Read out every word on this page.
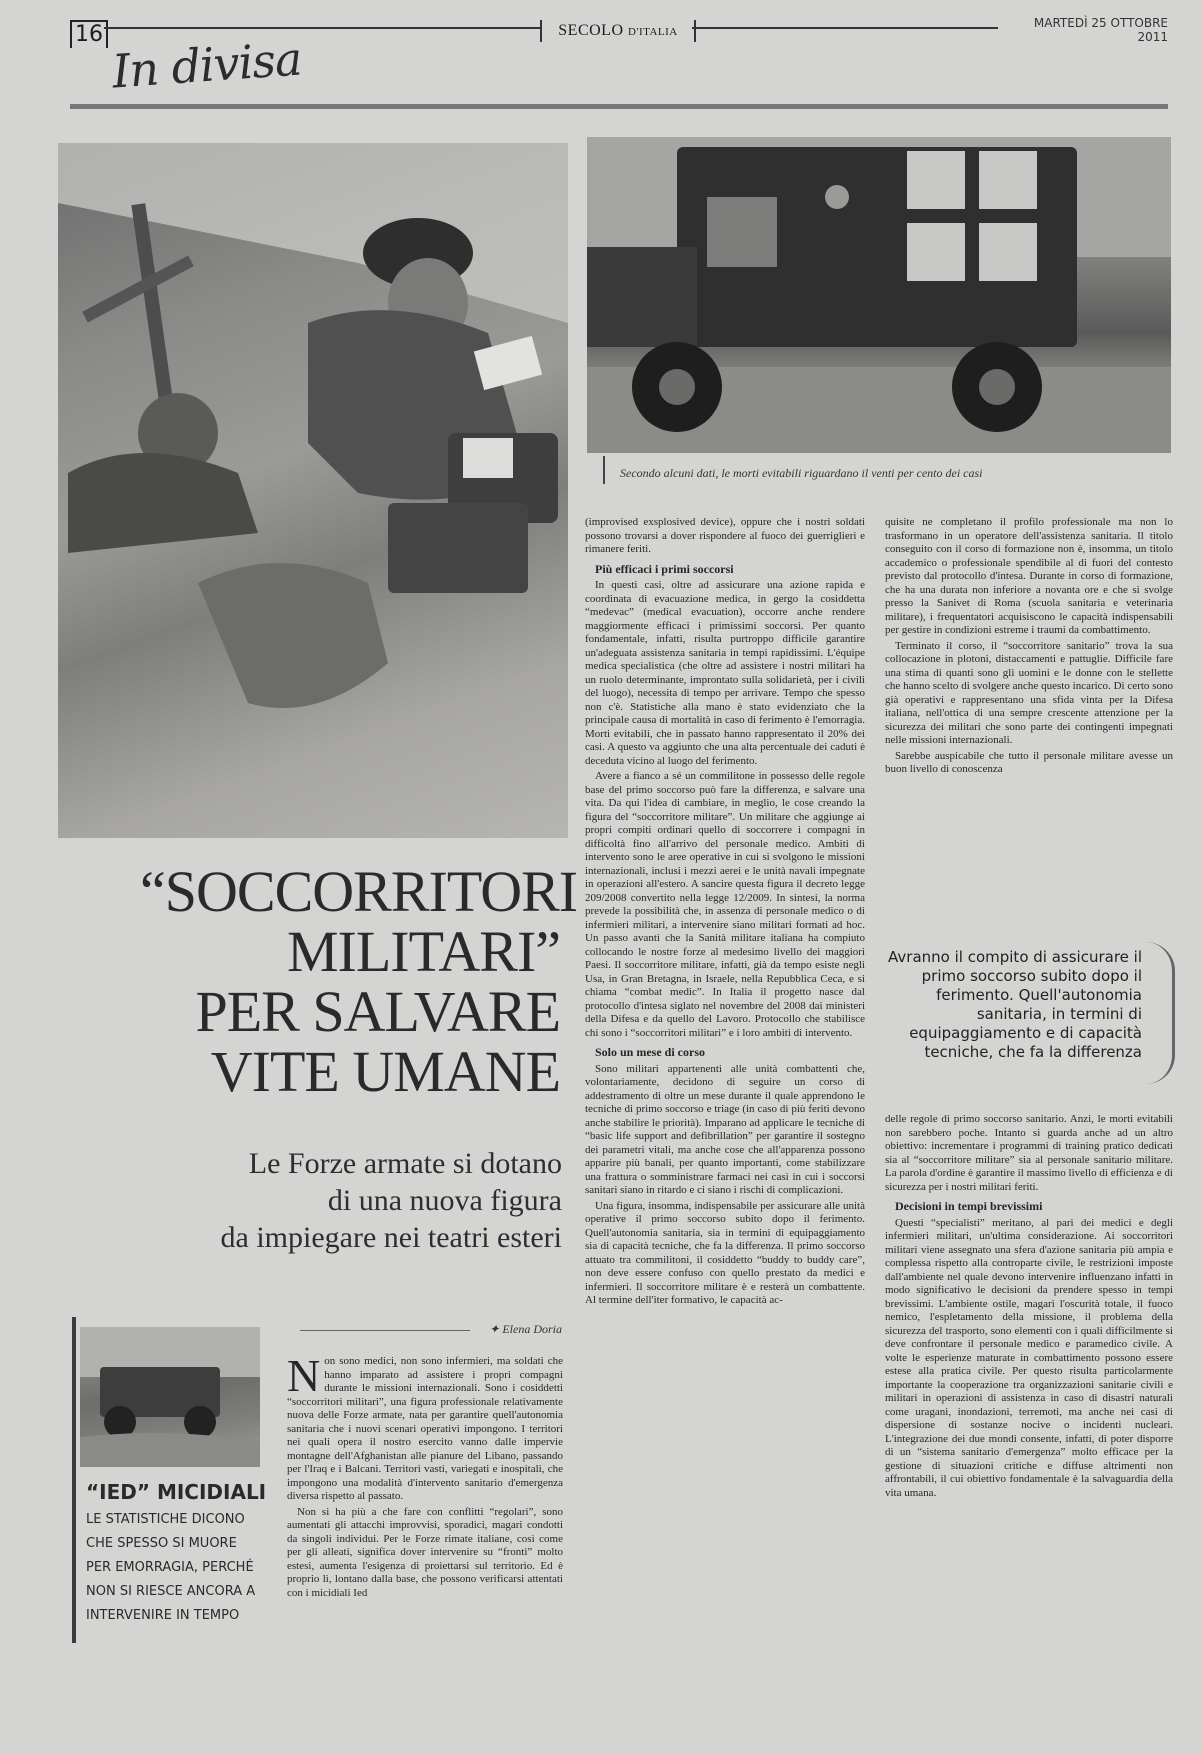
16	SECOLO D'ITALIA
MARTEDÌ 25 OTTOBRE 2011
In divisa
Secondo alcuni dati, le morti evitabili riguardano il venti per cento dei casi
“SOCCORRITORI
MILITARI”
PER SALVARE
VITE UMANE
Le Forze armate si dotano
di una nuova figura
da impiegare nei teatri esteri
✦ Elena Doria
“IED” MICIDIALI
LE STATISTICHE DICONO CHE SPESSO SI MUORE PER EMORRAGIA, PERCHÉ NON SI RIESCE ANCORA A INTERVENIRE IN TEMPO

Non sono medici, non sono infermieri, ma soldati che hanno imparato ad assistere i propri compagni durante le missioni internazionali. Sono i cosiddetti “soccorritori militari”, una figura professionale relativamente nuova delle Forze armate, nata per garantire quell'autonomia sanitaria che i nuovi scenari operativi impongono. I territori nei quali opera il nostro esercito vanno dalle impervie montagne dell'Afghanistan alle pianure del Libano, passando per l'Iraq e i Balcani. Territori vasti, variegati e inospitali, che impongono una modalità d'intervento sanitario d'emergenza diversa rispetto al passato.

Non si ha più a che fare con conflitti “regolari”, sono aumentati gli attacchi improvvisi, sporadici, magari condotti da singoli individui. Per le Forze rimate italiane, così come per gli alleati, significa dover intervenire su “fronti” molto estesi, aumenta l'esigenza di proiettarsi sul territorio. Ed è proprio lì, lontano dalla base, che possono verificarsi attentati con i micidiali Ied

(improvised exsplosived device), oppure che i nostri soldati possono trovarsi a dover rispondere al fuoco dei guerriglieri e rimanere feriti.

Più efficaci i primi soccorsi

In questi casi, oltre ad assicurare una azione rapida e coordinata di evacuazione medica, in gergo la cosiddetta “medevac” (medical evacuation), occorre anche rendere maggiormente efficaci i primissimi soccorsi. Per quanto fondamentale, infatti, risulta purtroppo difficile garantire un'adeguata assistenza sanitaria in tempi rapidissimi. L'équipe medica specialistica (che oltre ad assistere i nostri militari ha un ruolo determinante, improntato sulla solidarietà, per i civili del luogo), necessita di tempo per arrivare. Tempo che spesso non c'è. Statistiche alla mano è stato evidenziato che la principale causa di mortalità in caso di ferimento è l'emorragia. Morti evitabili, che in passato hanno rappresentato il 20% dei casi. A questo va aggiunto che una alta percentuale dei caduti è deceduta vicino al luogo del ferimento.

Avere a fianco a sé un commilitone in possesso delle regole base del primo soccorso può fare la differenza, e salvare una vita. Da qui l'idea di cambiare, in meglio, le cose creando la figura del “soccorritore militare”. Un militare che aggiunge ai propri compiti ordinari quello di soccorrere i compagni in difficoltà fino all'arrivo del personale medico. Ambiti di intervento sono le aree operative in cui si svolgono le missioni internazionali, inclusi i mezzi aerei e le unità navali impegnate in operazioni all'estero. A sancire questa figura il decreto legge 209/2008 convertito nella legge 12/2009. In sintesi, la norma prevede la possibilità che, in assenza di personale medico o di infermieri militari, a intervenire siano militari formati ad hoc. Un passo avanti che la Sanità militare italiana ha compiuto collocando le nostre forze al medesimo livello dei maggiori Paesi. Il soccorritore militare, infatti, già da tempo esiste negli Usa, in Gran Bretagna, in Israele, nella Repubblica Ceca, e si chiama “combat medic”. In Italia il progetto nasce dal protocollo d'intesa siglato nel novembre del 2008 dai ministeri della Difesa e da quello del Lavoro. Protocollo che stabilisce chi sono i “soccorritori militari” e i loro ambiti di intervento.

Solo un mese di corso

Sono militari appartenenti alle unità combattenti che, volontariamente, decidono di seguire un corso di addestramento di oltre un mese durante il quale apprendono le tecniche di primo soccorso e triage (in caso di più feriti devono anche stabilire le priorità). Imparano ad applicare le tecniche di “basic life support and defibrillation” per garantire il sostegno dei parametri vitali, ma anche cose che all'apparenza possono apparire più banali, per quanto importanti, come stabilizzare una frattura o somministrare farmaci nei casi in cui i soccorsi sanitari siano in ritardo e ci siano i rischi di complicazioni.

Una figura, insomma, indispensabile per assicurare alle unità operative il primo soccorso subito dopo il ferimento. Quell'autonomia sanitaria, sia in termini di equipaggiamento sia di capacità tecniche, che fa la differenza. Il primo soccorso attuato tra commilitoni, il cosiddetto “buddy to buddy care”, non deve essere confuso con quello prestato da medici e infermieri. Il soccorritore militare è e resterà un combattente. Al termine dell'iter formativo, le capacità ac-

quisite ne completano il profilo professionale ma non lo trasformano in un operatore dell'assistenza sanitaria. Il titolo conseguito con il corso di formazione non è, insomma, un titolo accademico o professionale spendibile al di fuori del contesto previsto dal protocollo d'intesa. Durante in corso di formazione, che ha una durata non inferiore a novanta ore e che si svolge presso la Sanivet di Roma (scuola sanitaria e veterinaria militare), i frequentatori acquisiscono le capacità indispensabili per gestire in condizioni estreme i traumi da combattimento.

Terminato il corso, il “soccorritore sanitario” trova la sua collocazione in plotoni, distaccamenti e pattuglie. Difficile fare una stima di quanti sono gli uomini e le donne con le stellette che hanno scelto di svolgere anche questo incarico. Di certo sono già operativi e rappresentano una sfida vinta per la Difesa italiana, nell'ottica di una sempre crescente attenzione per la sicurezza dei militari che sono parte dei contingenti impegnati nelle missioni internazionali.

Sarebbe auspicabile che tutto il personale militare avesse un buon livello di conoscenza

Avranno il compito di assicurare il primo soccorso subito dopo il ferimento. Quell'autonomia sanitaria, in termini di equipaggiamento e di capacità tecniche, che fa la differenza

delle regole di primo soccorso sanitario. Anzi, le morti evitabili non sarebbero poche. Intanto si guarda anche ad un altro obiettivo: incrementare i programmi di training pratico dedicati sia al “soccorritore militare” sia al personale sanitario militare. La parola d'ordine è garantire il massimo livello di efficienza e di sicurezza per i nostri militari feriti.

Decisioni in tempi brevissimi

Questi “specialisti” meritano, al pari dei medici e degli infermieri militari, un'ultima considerazione. Ai soccorritori militari viene assegnato una sfera d'azione sanitaria più ampia e complessa rispetto alla controparte civile, le restrizioni imposte dall'ambiente nel quale devono intervenire influenzano infatti in modo significativo le decisioni da prendere spesso in tempi brevissimi. L'ambiente ostile, magari l'oscurità totale, il fuoco nemico, l'espletamento della missione, il problema della sicurezza del trasporto, sono elementi con i quali difficilmente si deve confrontare il personale medico e paramedico civile. A volte le esperienze maturate in combattimento possono essere estese alla pratica civile. Per questo risulta particolarmente importante la cooperazione tra organizzazioni sanitarie civili e militari in operazioni di assistenza in caso di disastri naturali come uragani, inondazioni, terremoti, ma anche nei casi di dispersione di sostanze nocive o incidenti nucleari. L'integrazione dei due mondi consente, infatti, di poter disporre di un “sistema sanitario d'emergenza” molto efficace per la gestione di situazioni critiche e diffuse altrimenti non affrontabili, il cui obiettivo fondamentale è la salvaguardia della vita umana.
